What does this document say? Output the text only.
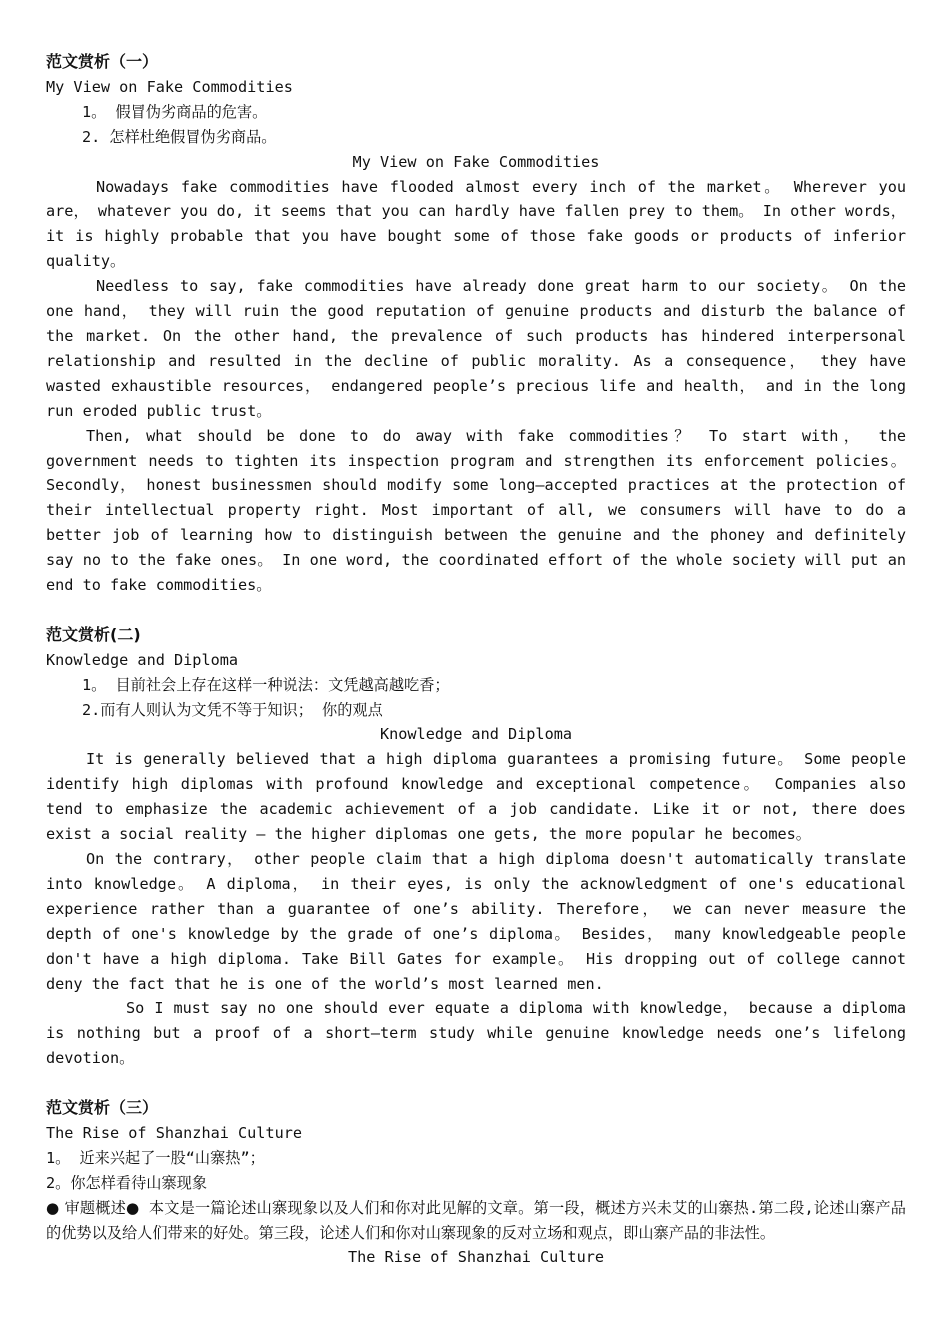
范文赏析（一）
My View on Fake Commodities
1。 假冒伪劣商品的危害。
2. 怎样杜绝假冒伪劣商品。
My View on Fake Commodities
Nowadays fake commodities have flooded almost every inch of the market。 Wherever you are， whatever you do, it seems that you can hardly have fallen prey to them。 In other words， it is highly probable that you have bought some of those fake goods or products of inferior quality。
Needless to say, fake commodities have already done great harm to our society。 On the one hand， they will ruin the good reputation of genuine products and disturb the balance of the market. On the other hand, the prevalence of such products has hindered interpersonal relationship and resulted in the decline of public morality. As a consequence， they have wasted exhaustible resources， endangered people’s precious life and health， and in the long run eroded public trust。
Then, what should be done to do away with fake commodities？ To start with， the government needs to tighten its inspection program and strengthen its enforcement policies。 Secondly， honest businessmen should modify some long—accepted practices at the protection of their intellectual property right. Most important of all, we consumers will have to do a better job of learning how to distinguish between the genuine and the phoney and definitely say no to the fake ones。 In one word, the coordinated effort of the whole society will put an end to fake commodities。
范文赏析(二)
Knowledge and Diploma
1。 目前社会上存在这样一种说法：文凭越高越吃香；
2.而有人则认为文凭不等于知识； 你的观点
Knowledge and Diploma
It is generally believed that a high diploma guarantees a promising future。 Some people identify high diplomas with profound knowledge and exceptional competence。 Companies also tend to emphasize the academic achievement of a job candidate. Like it or not, there does exist a social reality – the higher diplomas one gets, the more popular he becomes。
On the contrary， other people claim that a high diploma doesn't automatically translate into knowledge。 A diploma， in their eyes, is only the acknowledgment of one's educational experience rather than a guarantee of one’s ability. Therefore， we can never measure the depth of one's knowledge by the grade of one’s diploma。 Besides， many knowledgeable people don't have a high diploma. Take Bill Gates for example。 His dropping out of college cannot deny the fact that he is one of the world’s most learned men.
So I must say no one should ever equate a diploma with knowledge， because a diploma is nothing but a proof of a short—term study while genuine knowledge needs one’s lifelong devotion。
范文赏析（三）
The Rise of Shanzhai Culture
1。 近来兴起了一股“山寨热”；
2。你怎样看待山寨现象
● 审题概述● 本文是一篇论述山寨现象以及人们和你对此见解的文章。第一段，概述方兴未艾的山寨热.第二段,论述山寨产品的优势以及给人们带来的好处。第三段，论述人们和你对山寨现象的反对立场和观点，即山寨产品的非法性。
The Rise of Shanzhai Culture
